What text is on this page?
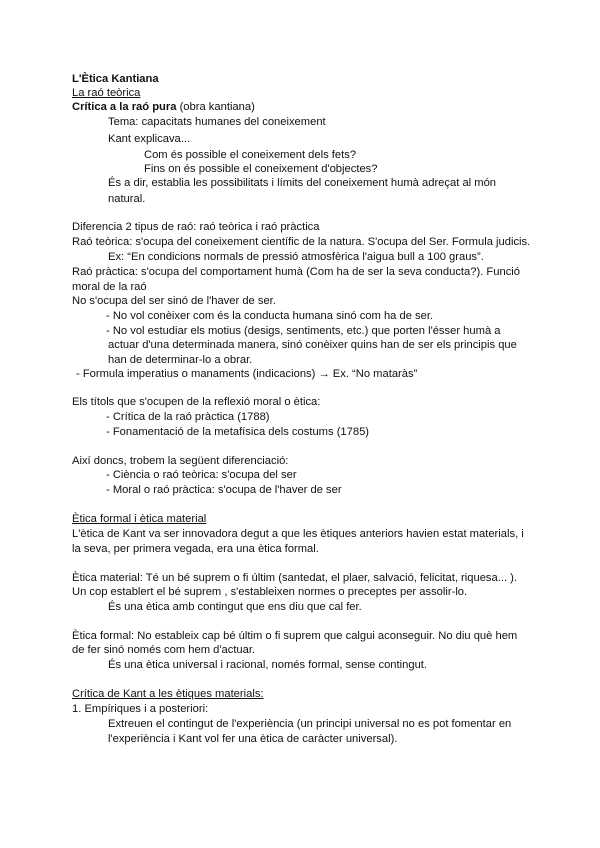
L'Ètica Kantiana
La raó teòrica
Crítica a la raó pura (obra kantiana)
Tema: capacitats humanes del coneixement
Kant explicava...
Com és possible el coneixement dels fets?
Fins on és possible el coneixement d'objectes?
És a dir, establia les possibilitats i límits del coneixement humà adreçat al món
natural.
Diferencia 2 tipus de raó: raó teòrica i raó pràctica
Raó teòrica: s'ocupa del coneixement científic de la natura. S'ocupa del Ser. Formula judicis.
Ex: “En condicions normals de pressió atmosfèrica l'aigua bull a 100 graus”.
Raó pràctica: s'ocupa del comportament humà (Com ha de ser la seva conducta?). Funció
moral de la raó
No s'ocupa del ser sinó de l'haver de ser.
- No vol conèixer com és la conducta humana sinó com ha de ser.
- No vol estudiar els motius (desigs, sentiments, etc.) que porten l'ésser humà a
actuar d'una determinada manera, sinó conèixer quins han de ser els principis que
han de determinar-lo a obrar.
- Formula imperatius o manaments (indicacions) → Ex. “No mataràs”
Els títols que s'ocupen de la reflexió moral o ètica:
- Crítica de la raó pràctica (1788)
- Fonamentació de la metafísica dels costums (1785)
Així doncs, trobem la següent diferenciació:
- Ciència o raó teòrica: s'ocupa del ser
- Moral o raó pràctica: s'ocupa de l'haver de ser
Ètica formal i ètica material
L'ètica de Kant va ser innovadora degut a que les ètiques anteriors havien estat materials, i
la seva, per primera vegada, era una ètica formal.
Ètica material: Té un bé suprem o fi últim (santedat, el plaer, salvació, felicitat, riquesa... ).
Un cop establert el bé suprem , s'estableixen normes o preceptes per assolir-lo.
És una ètica amb contingut que ens diu que cal fer.
Ètica formal: No estableix cap bé últim o fi suprem que calgui aconseguir. No diu què hem
de fer sinó només com hem d'actuar.
És una ètica universal i racional, només formal, sense contingut.
Crítica de Kant a les ètiques materials:
1. Empíriques i a posteriori:
Extreuen el contingut de l'experiència (un principi universal no es pot fomentar en
l'experiència i Kant vol fer una ètica de caràcter universal).
